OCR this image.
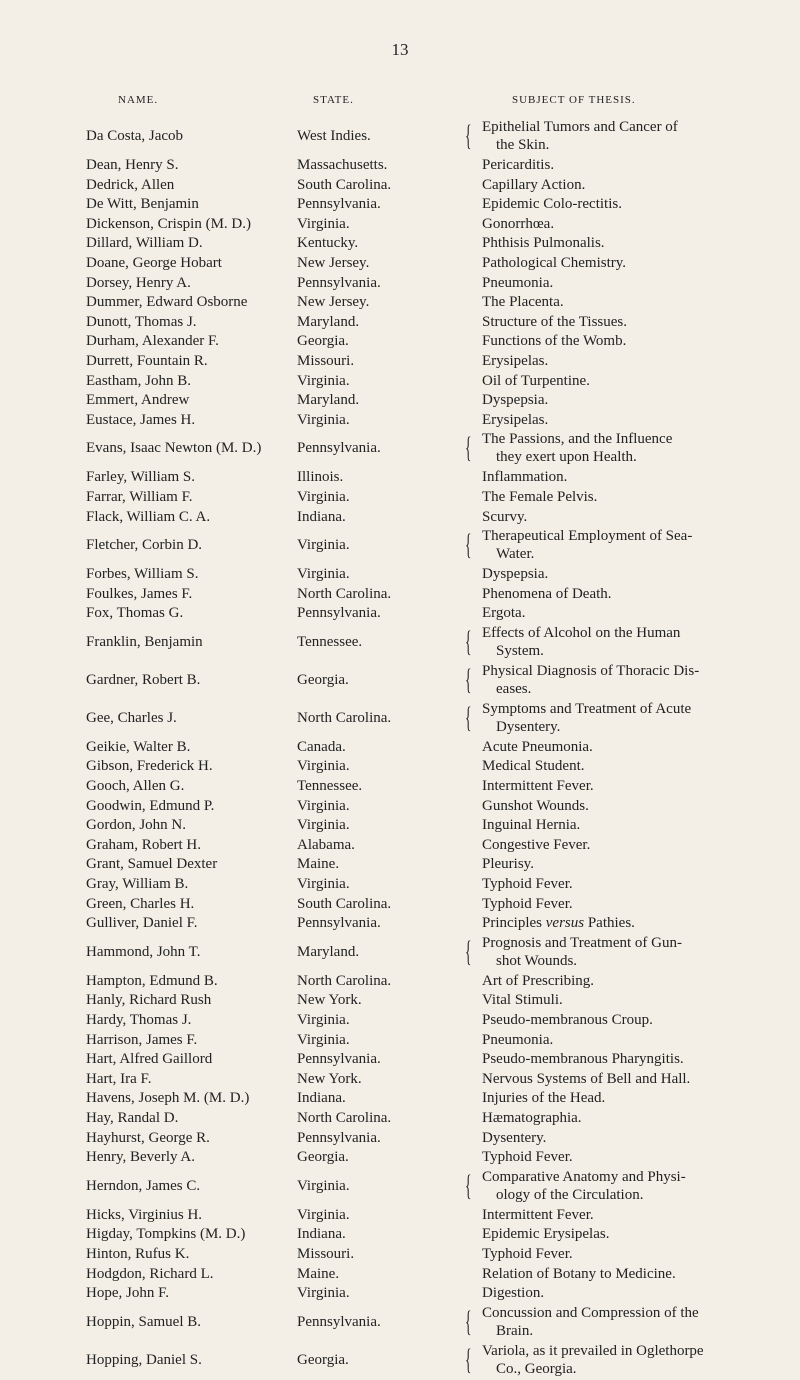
13
NAME.	STATE.	SUBJECT OF THESIS.
Da Costa, Jacob	West Indies.	{ Epithelial Tumors and Cancer of
the Skin.
Dean, Henry S.	Massachusetts.	Pericarditis.
Dedrick, Allen	South Carolina.	Capillary Action.
De Witt, Benjamin	Pennsylvania.	Epidemic Colo-rectitis.
Dickenson, Crispin (M. D.)	Virginia.	Gonorrhœa.
Dillard, William D.	Kentucky.	Phthisis Pulmonalis.
Doane, George Hobart	New Jersey.	Pathological Chemistry.
Dorsey, Henry A.	Pennsylvania.	Pneumonia.
Dummer, Edward Osborne	New Jersey.	The Placenta.
Dunott, Thomas J.	Maryland.	Structure of the Tissues.
Durham, Alexander F.	Georgia.	Functions of the Womb.
Durrett, Fountain R.	Missouri.	Erysipelas.
Eastham, John B.	Virginia.	Oil of Turpentine.
Emmert, Andrew	Maryland.	Dyspepsia.
Eustace, James H.	Virginia.	Erysipelas.
Evans, Isaac Newton (M. D.) Pennsylvania.	{ The Passions, and the Influence
they exert upon Health.
Farley, William S.	Illinois.	Inflammation.
Farrar, William F.	Virginia.	The Female Pelvis.
Flack, William C. A.	Indiana.	Scurvy.
Fletcher, Corbin D.	Virginia.	{ Therapeutical Employment of Sea-
Water.
Forbes, William S.	Virginia.	Dyspepsia.
Foulkes, James F.	North Carolina.	Phenomena of Death.
Fox, Thomas G.	Pennsylvania.	Ergota.
Franklin, Benjamin	Tennessee.	{ Effects of Alcohol on the Human
System.
Gardner, Robert B.	Georgia.	{ Physical Diagnosis of Thoracic Dis-
eases.
Gee, Charles J.	North Carolina. { Symptoms and Treatment of Acute
Dysentery.
Geikie, Walter B.	Canada.	Acute Pneumonia.
Gibson, Frederick H.	Virginia.	Medical Student.
Gooch, Allen G.	Tennessee.	Intermittent Fever.
Goodwin, Edmund P.	Virginia.	Gunshot Wounds.
Gordon, John N.	Virginia.	Inguinal Hernia.
Graham, Robert H.	Alabama.	Congestive Fever.
Grant, Samuel Dexter	Maine.	Pleurisy.
Gray, William B.	Virginia.	Typhoid Fever.
Green, Charles H.	South Carolina.	Typhoid Fever.
Gulliver, Daniel F.	Pennsylvania.	Principles versus Pathies.
Hammond, John T.	Maryland.	{ Prognosis and Treatment of Gun-
shot Wounds.
Hampton, Edmund B.	North Carolina.	Art of Prescribing.
Hanly, Richard Rush	New York.	Vital Stimuli.
Hardy, Thomas J.	Virginia.	Pseudo-membranous Croup.
Harrison, James F.	Virginia.	Pneumonia.
Hart, Alfred Gaillord	Pennsylvania.	Pseudo-membranous Pharyngitis.
Hart, Ira F.	New York.	Nervous Systems of Bell and Hall.
Havens, Joseph M. (M. D.)	Indiana.	Injuries of the Head.
Hay, Randal D.	North Carolina.	Hæmatographia.
Hayhurst, George R.	Pennsylvania.	Dysentery.
Henry, Beverly A.	Georgia.	Typhoid Fever.
Herndon, James C.	Virginia.	{ Comparative Anatomy and Physi-
ology of the Circulation.
Hicks, Virginius H.	Virginia.	Intermittent Fever.
Higday, Tompkins (M. D.)	Indiana.	Epidemic Erysipelas.
Hinton, Rufus K.	Missouri.	Typhoid Fever.
Hodgdon, Richard L.	Maine.	Relation of Botany to Medicine.
Hope, John F.	Virginia.	Digestion.
Hoppin, Samuel B.	Pennsylvania.	{ Concussion and Compression of the
Brain.
Hopping, Daniel S.	Georgia.	{ Variola, as it prevailed in Oglethorpe
Co., Georgia.
